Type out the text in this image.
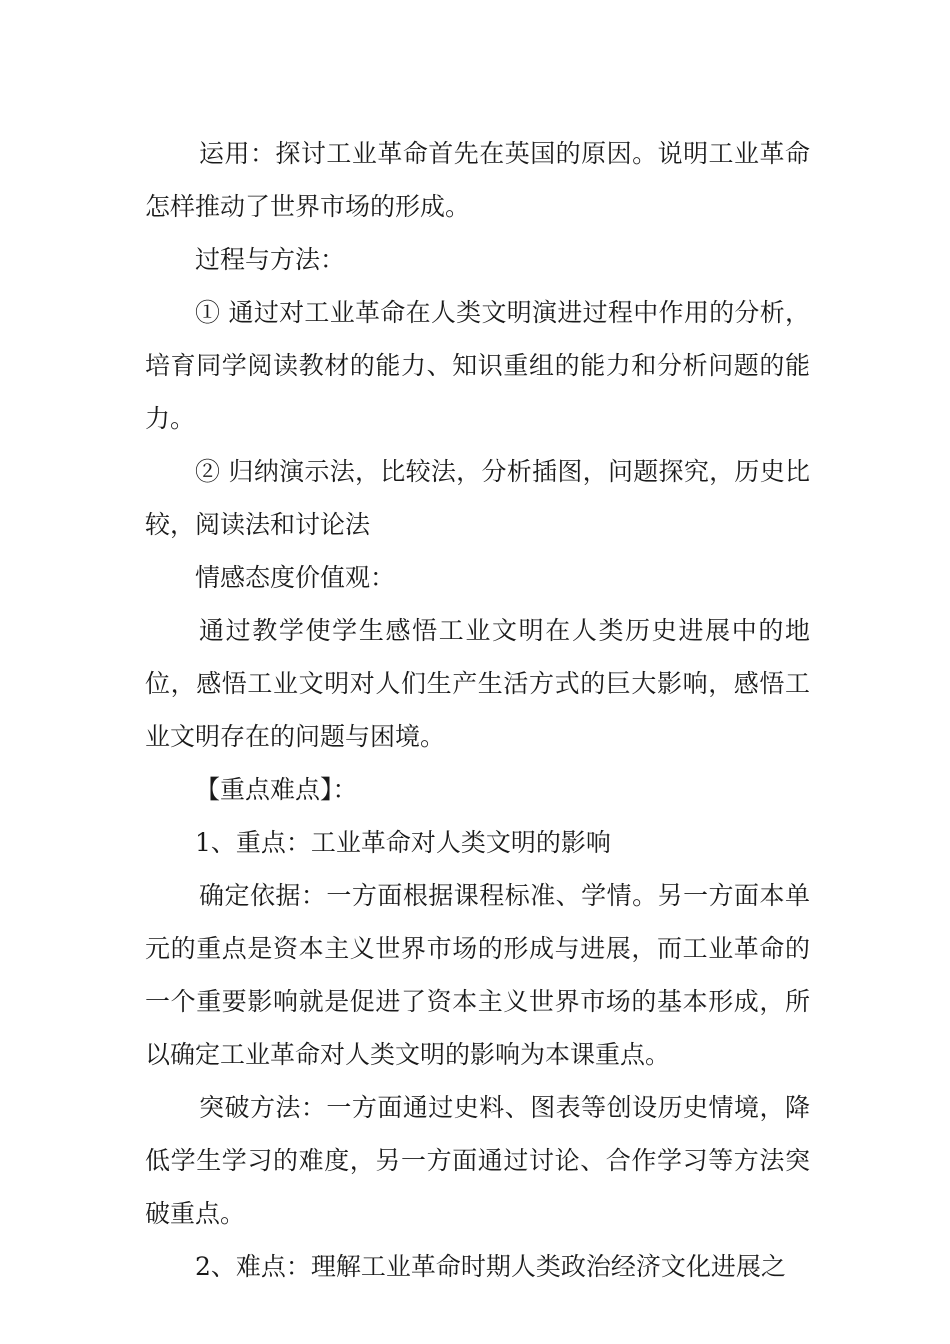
运用：探讨工业革命首先在英国的原因。说明工业革命怎样推动了世界市场的形成。

过程与方法：

① 通过对工业革命在人类文明演进过程中作用的分析，培育同学阅读教材的能力、知识重组的能力和分析问题的能力。

② 归纳演示法，比较法，分析插图，问题探究，历史比较，阅读法和讨论法

情感态度价值观：

通过教学使学生感悟工业文明在人类历史进展中的地位，感悟工业文明对人们生产生活方式的巨大影响，感悟工业文明存在的问题与困境。

【重点难点】：

1、重点：工业革命对人类文明的影响

确定依据：一方面根据课程标准、学情。另一方面本单元的重点是资本主义世界市场的形成与进展，而工业革命的一个重要影响就是促进了资本主义世界市场的基本形成，所以确定工业革命对人类文明的影响为本课重点。

突破方法：一方面通过史料、图表等创设历史情境，降低学生学习的难度，另一方面通过讨论、合作学习等方法突破重点。

2、难点：理解工业革命时期人类政治经济文化进展之
